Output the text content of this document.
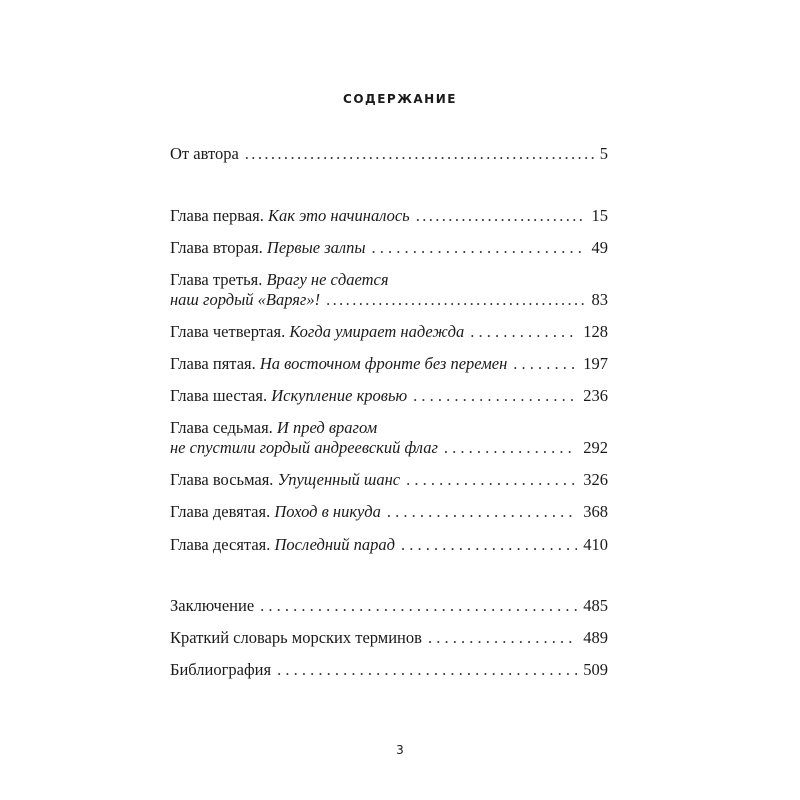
СОДЕРЖАНИЕ
От автора .....	5
Глава первая. Как это начиналось .....	15
Глава вторая. Первые залпы . . .	49
Глава третья. Врагу не сдается
наш гордый «Варяг»! .....	83
Глава четвертая. Когда умирает надежда . . .	128
Глава пятая. На восточном фронте без перемен . . .	197
Глава шестая. Искупление кровью . . .	236
Глава седьмая. И пред врагом
не спустили гордый андреевский флаг . . .	292
Глава восьмая. Упущенный шанс . . .	326
Глава девятая. Поход в никуда . . .	368
Глава десятая. Последний парад . . .	410
Заключение . . .	485
Краткий словарь морских терминов . . .	489
Библиография . . .	509
3
